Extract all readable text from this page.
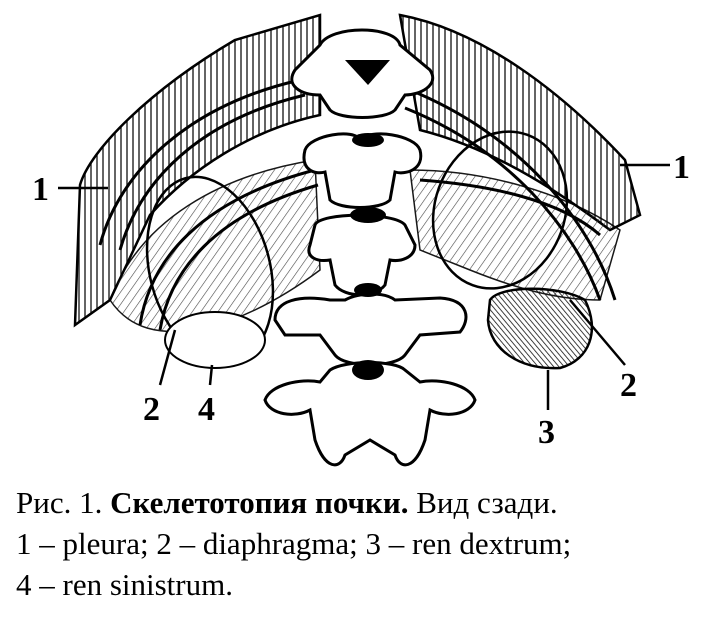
1
1
2
2
3
4
Рис. 1. Скелетотопия почки. Вид сзади.
1 – pleura; 2 – diaphragma; 3 – ren dextrum;
4 – ren sinistrum.
